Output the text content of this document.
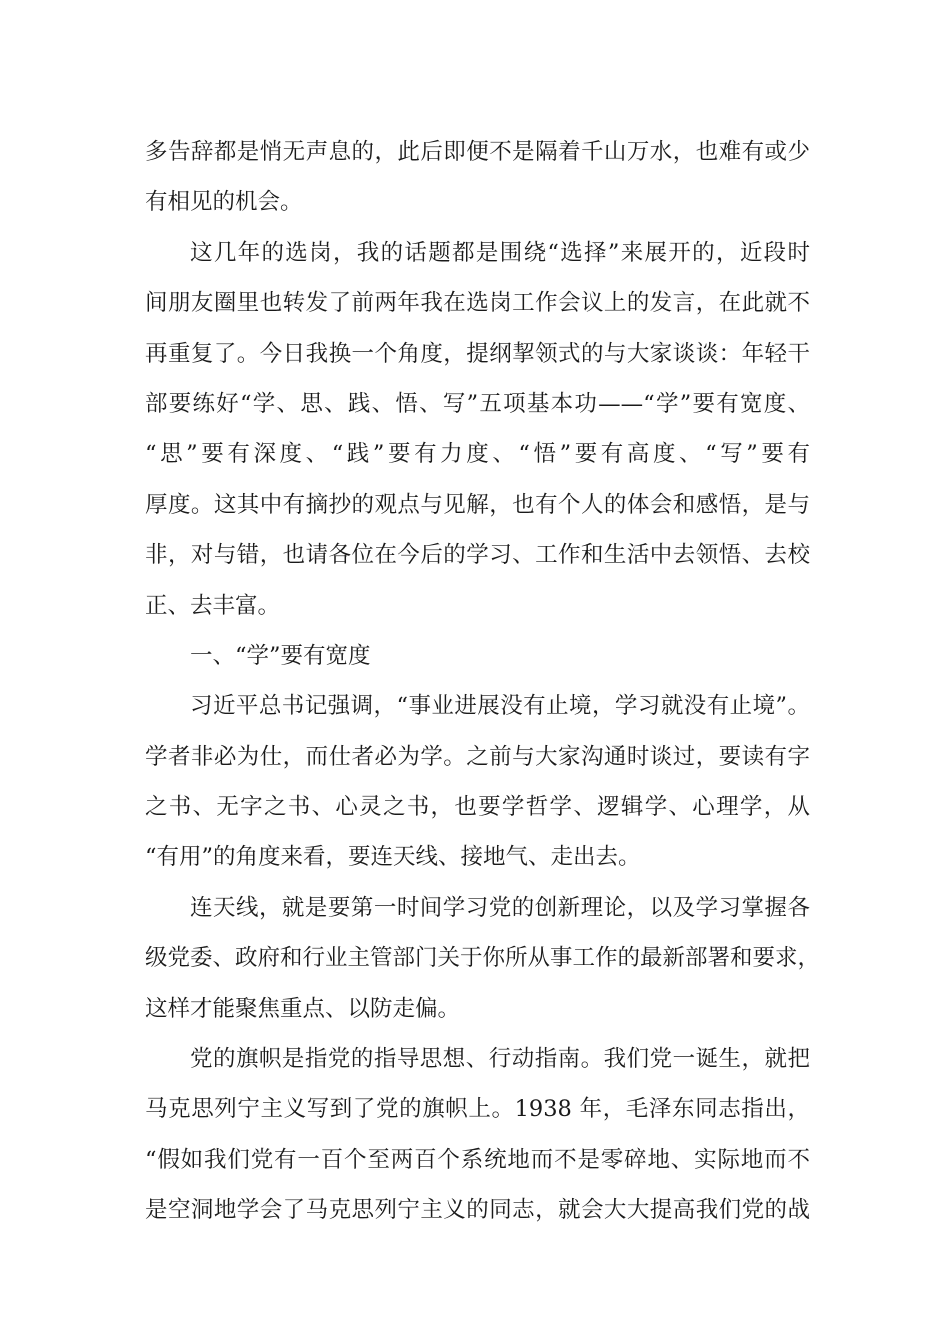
多告辞都是悄无声息的，此后即便不是隔着千山万水，也难有或少
有相见的机会。
这几年的选岗，我的话题都是围绕“选择”来展开的，近段时
间朋友圈里也转发了前两年我在选岗工作会议上的发言，在此就不
再重复了。今日我换一个角度，提纲挈领式的与大家谈谈：年轻干
部要练好“学、思、践、悟、写”五项基本功——“学”要有宽度、
“思”要有深度、“践”要有力度、“悟”要有高度、“写”要有
厚度。这其中有摘抄的观点与见解，也有个人的体会和感悟，是与
非，对与错，也请各位在今后的学习、工作和生活中去领悟、去校
正、去丰富。
一、“学”要有宽度
习近平总书记强调，“事业进展没有止境，学习就没有止境”。
学者非必为仕，而仕者必为学。之前与大家沟通时谈过，要读有字
之书、无字之书、心灵之书，也要学哲学、逻辑学、心理学，从
“有用”的角度来看，要连天线、接地气、走出去。
连天线，就是要第一时间学习党的创新理论，以及学习掌握各
级党委、政府和行业主管部门关于你所从事工作的最新部署和要求，
这样才能聚焦重点、以防走偏。
党的旗帜是指党的指导思想、行动指南。我们党一诞生，就把
马克思列宁主义写到了党的旗帜上。1938 年，毛泽东同志指出，
“假如我们党有一百个至两百个系统地而不是零碎地、实际地而不
是空洞地学会了马克思列宁主义的同志，就会大大提高我们党的战
